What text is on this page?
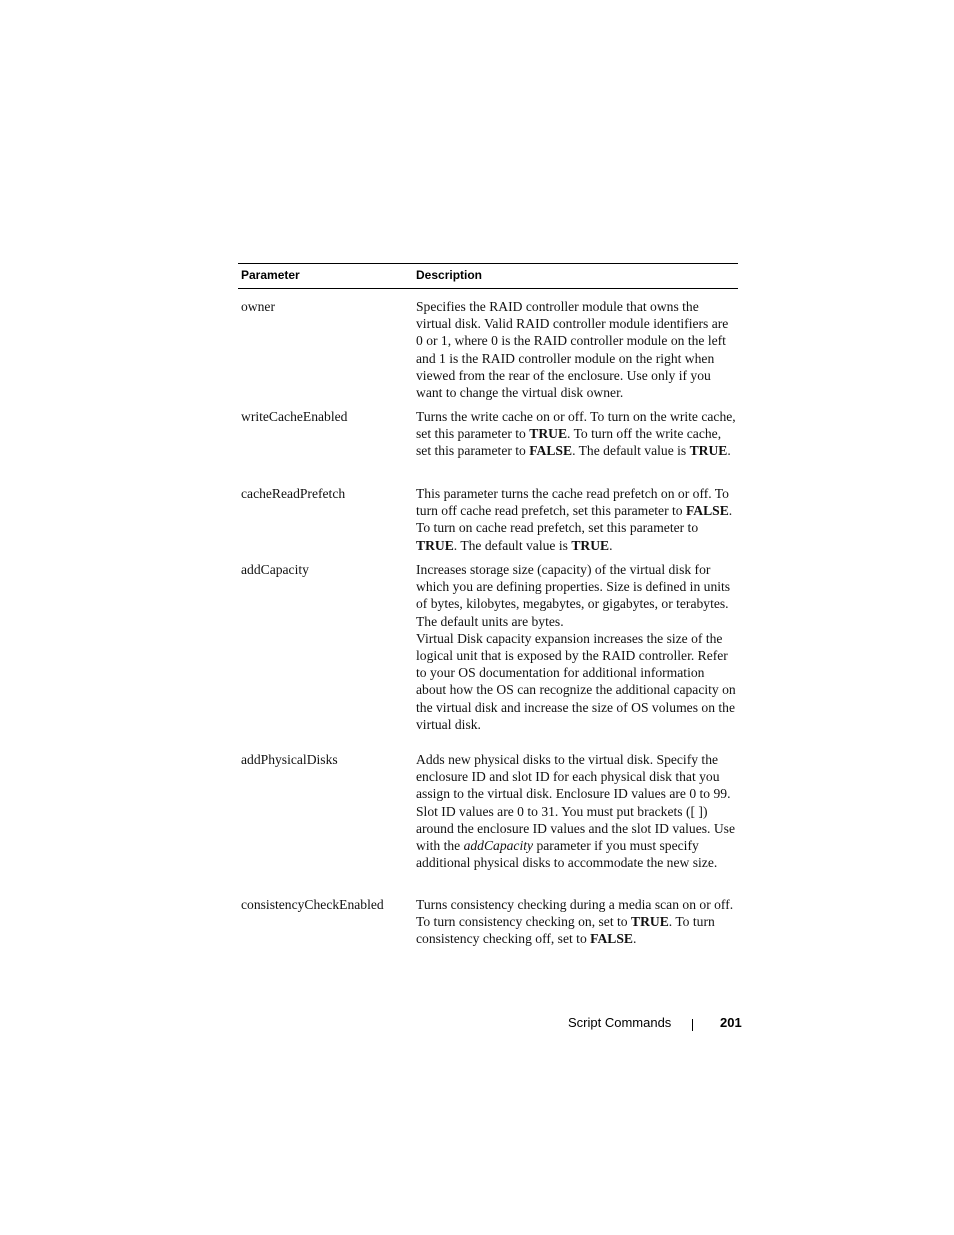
Parameter	Description
owner	Specifies the RAID controller module that owns the virtual disk. Valid RAID controller module identifiers are 0 or 1, where 0 is the RAID controller module on the left and 1 is the RAID controller module on the right when viewed from the rear of the enclosure. Use only if you want to change the virtual disk owner.

writeCacheEnabled	Turns the write cache on or off. To turn on the write cache, set this parameter to TRUE. To turn off the write cache, set this parameter to FALSE. The default value is TRUE.

cacheReadPrefetch	This parameter turns the cache read prefetch on or off. To turn off cache read prefetch, set this parameter to FALSE. To turn on cache read prefetch, set this parameter to TRUE. The default value is TRUE.

addCapacity	Increases storage size (capacity) of the virtual disk for which you are defining properties. Size is defined in units of bytes, kilobytes, megabytes, or gigabytes, or terabytes. The default units are bytes.

Virtual Disk capacity expansion increases the size of the logical unit that is exposed by the RAID controller. Refer to your OS documentation for additional information about how the OS can recognize the additional capacity on the virtual disk and increase the size of OS volumes on the virtual disk.

addPhysicalDisks	Adds new physical disks to the virtual disk. Specify the enclosure ID and slot ID for each physical disk that you assign to the virtual disk. Enclosure ID values are 0 to 99. Slot ID values are 0 to 31. You must put brackets ([ ]) around the enclosure ID values and the slot ID values. Use with the addCapacity parameter if you must specify additional physical disks to accommodate the new size.

consistencyCheckEnabled	Turns consistency checking during a media scan on or off. To turn consistency checking on, set to TRUE. To turn consistency checking off, set to FALSE.

Script Commands	201
